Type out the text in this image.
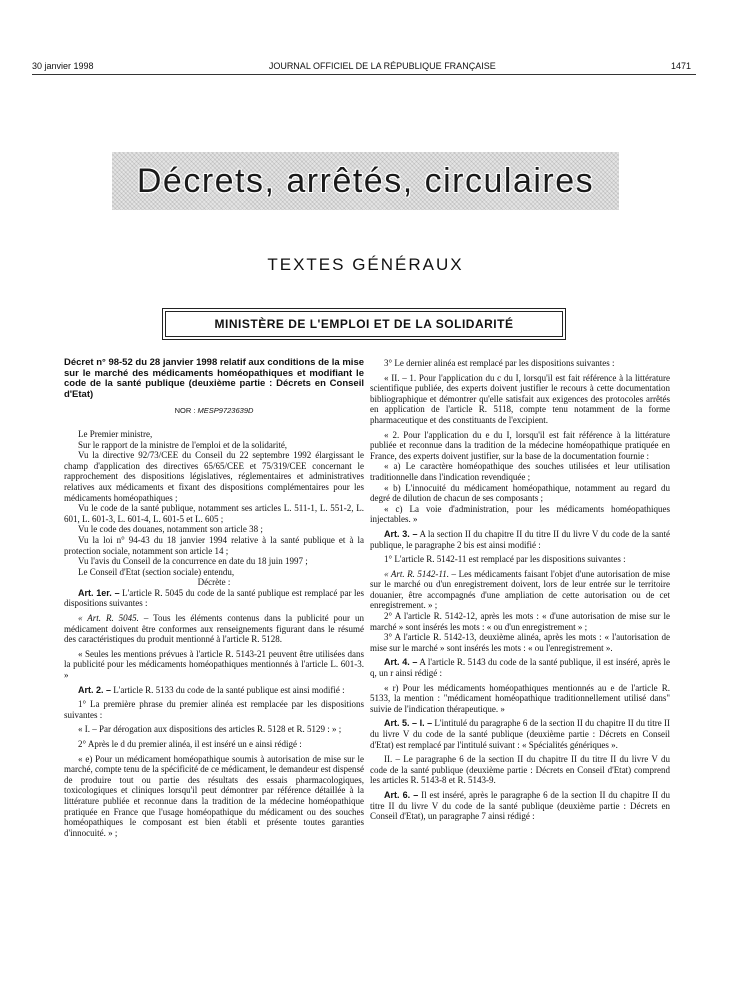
30 janvier 1998	JOURNAL OFFICIEL DE LA RÉPUBLIQUE FRANÇAISE	1471
Décrets, arrêtés, circulaires
TEXTES GÉNÉRAUX
MINISTÈRE DE L'EMPLOI ET DE LA SOLIDARITÉ

Décret n° 98-52 du 28 janvier 1998 relatif aux conditions de la mise sur le marché des médicaments homéopathiques et modifiant le code de la santé publique (deuxième partie : Décrets en Conseil d'Etat)

NOR : MESP9723639D

Le Premier ministre,

Sur le rapport de la ministre de l'emploi et de la solidarité,

Vu la directive 92/73/CEE du Conseil du 22 septembre 1992 élargissant le champ d'application des directives 65/65/CEE et 75/319/CEE concernant le rapprochement des dispositions législatives, réglementaires et administratives relatives aux médicaments et fixant des dispositions complémentaires pour les médicaments homéopathiques ;

Vu le code de la santé publique, notamment ses articles L. 511-1, L. 551-2, L. 601, L. 601-3, L. 601-4, L. 601-5 et L. 605 ;

Vu le code des douanes, notamment son article 38 ;

Vu la loi n° 94-43 du 18 janvier 1994 relative à la santé publique et à la protection sociale, notamment son article 14 ;

Vu l'avis du Conseil de la concurrence en date du 18 juin 1997 ;

Le Conseil d'Etat (section sociale) entendu,

Décrète :

Art. 1er. – L'article R. 5045 du code de la santé publique est remplacé par les dispositions suivantes :

« Art. R. 5045. – Tous les éléments contenus dans la publicité pour un médicament doivent être conformes aux renseignements figurant dans le résumé des caractéristiques du produit mentionné à l'article R. 5128.

« Seules les mentions prévues à l'article R. 5143-21 peuvent être utilisées dans la publicité pour les médicaments homéopathiques mentionnés à l'article L. 601-3. »

Art. 2. – L'article R. 5133 du code de la santé publique est ainsi modifié :

1° La première phrase du premier alinéa est remplacée par les dispositions suivantes :

« I. – Par dérogation aux dispositions des articles R. 5128 et R. 5129 : » ;

2° Après le d du premier alinéa, il est inséré un e ainsi rédigé :

« e) Pour un médicament homéopathique soumis à autorisation de mise sur le marché, compte tenu de la spécificité de ce médicament, le demandeur est dispensé de produire tout ou partie des résultats des essais pharmacologiques, toxicologiques et cliniques lorsqu'il peut démontrer par référence détaillée à la littérature publiée et reconnue dans la tradition de la médecine homéopathique pratiquée en France que l'usage homéopathique du médicament ou des souches homéopathiques le composant est bien établi et présente toutes garanties d'innocuité. » ;

3° Le dernier alinéa est remplacé par les dispositions suivantes :

« II. – 1. Pour l'application du c du I, lorsqu'il est fait référence à la littérature scientifique publiée, des experts doivent justifier le recours à cette documentation bibliographique et démontrer qu'elle satisfait aux exigences des protocoles arrêtés en application de l'article R. 5118, compte tenu notamment de la forme pharmaceutique et des constituants de l'excipient.

« 2. Pour l'application du e du I, lorsqu'il est fait référence à la littérature publiée et reconnue dans la tradition de la médecine homéopathique pratiquée en France, des experts doivent justifier, sur la base de la documentation fournie :

« a) Le caractère homéopathique des souches utilisées et leur utilisation traditionnelle dans l'indication revendiquée ;

« b) L'innocuité du médicament homéopathique, notamment au regard du degré de dilution de chacun de ses composants ;

« c) La voie d'administration, pour les médicaments homéopathiques injectables. »

Art. 3. – A la section II du chapitre II du titre II du livre V du code de la santé publique, le paragraphe 2 bis est ainsi modifié :

1° L'article R. 5142-11 est remplacé par les dispositions suivantes :

« Art. R. 5142-11. – Les médicaments faisant l'objet d'une autorisation de mise sur le marché ou d'un enregistrement doivent, lors de leur entrée sur le territoire douanier, être accompagnés d'une ampliation de cette autorisation ou de cet enregistrement. » ;

2° A l'article R. 5142-12, après les mots : « d'une autorisation de mise sur le marché » sont insérés les mots : « ou d'un enregistrement » ;

3° A l'article R. 5142-13, deuxième alinéa, après les mots : « l'autorisation de mise sur le marché » sont insérés les mots : « ou l'enregistrement ».

Art. 4. – A l'article R. 5143 du code de la santé publique, il est inséré, après le q, un r ainsi rédigé :

« r) Pour les médicaments homéopathiques mentionnés au e de l'article R. 5133, la mention : "médicament homéopathique traditionnellement utilisé dans" suivie de l'indication thérapeutique. »

Art. 5. – I. – L'intitulé du paragraphe 6 de la section II du chapitre II du titre II du livre V du code de la santé publique (deuxième partie : Décrets en Conseil d'Etat) est remplacé par l'intitulé suivant : « Spécialités génériques ».

II. – Le paragraphe 6 de la section II du chapitre II du titre II du livre V du code de la santé publique (deuxième partie : Décrets en Conseil d'Etat) comprend les articles R. 5143-8 et R. 5143-9.

Art. 6. – Il est inséré, après le paragraphe 6 de la section II du chapitre II du titre II du livre V du code de la santé publique (deuxième partie : Décrets en Conseil d'Etat), un paragraphe 7 ainsi rédigé :
